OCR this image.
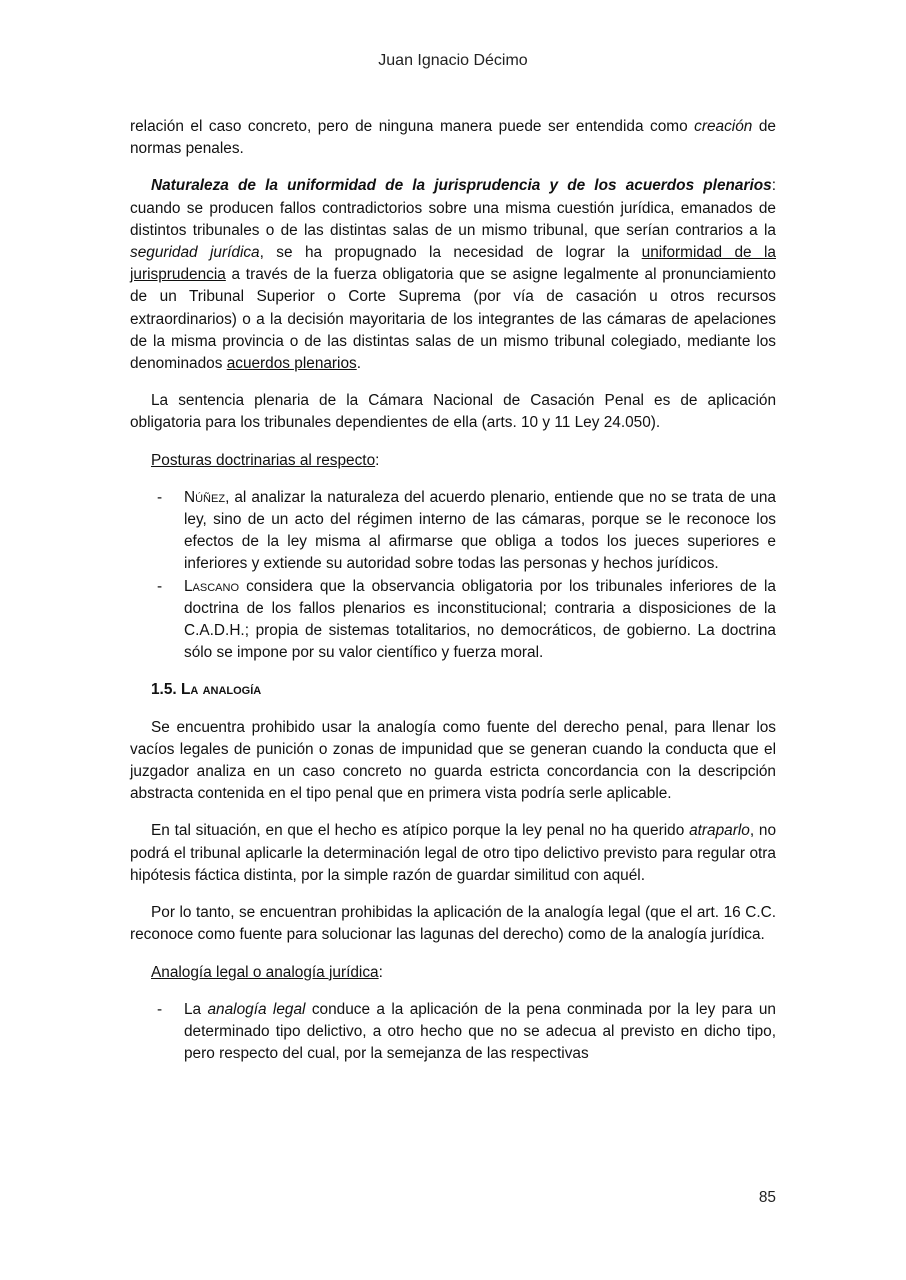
Juan Ignacio Décimo

relación el caso concreto, pero de ninguna manera puede ser entendida como creación de normas penales.

Naturaleza de la uniformidad de la jurisprudencia y de los acuerdos plenarios: cuando se producen fallos contradictorios sobre una misma cuestión jurídica, emanados de distintos tribunales o de las distintas salas de un mismo tribunal, que serían contrarios a la seguridad jurídica, se ha propugnado la necesidad de lograr la uniformidad de la jurisprudencia a través de la fuerza obligatoria que se asigne legalmente al pronunciamiento de un Tribunal Superior o Corte Suprema (por vía de casación u otros recursos extraordinarios) o a la decisión mayoritaria de los integrantes de las cámaras de apelaciones de la misma provincia o de las distintas salas de un mismo tribunal colegiado, mediante los denominados acuerdos plenarios.

La sentencia plenaria de la Cámara Nacional de Casación Penal es de aplicación obligatoria para los tribunales dependientes de ella (arts. 10 y 11 Ley 24.050).

Posturas doctrinarias al respecto:

- Núñez, al analizar la naturaleza del acuerdo plenario, entiende que no se trata de una ley, sino de un acto del régimen interno de las cámaras, porque se le reconoce los efectos de la ley misma al afirmarse que obliga a todos los jueces superiores e inferiores y extiende su autoridad sobre todas las personas y hechos jurídicos.
- Lascano considera que la observancia obligatoria por los tribunales inferiores de la doctrina de los fallos plenarios es inconstitucional; contraria a disposiciones de la C.A.D.H.; propia de sistemas totalitarios, no democráticos, de gobierno. La doctrina sólo se impone por su valor científico y fuerza moral.
1.5. La analogía

Se encuentra prohibido usar la analogía como fuente del derecho penal, para llenar los vacíos legales de punición o zonas de impunidad que se generan cuando la conducta que el juzgador analiza en un caso concreto no guarda estricta concordancia con la descripción abstracta contenida en el tipo penal que en primera vista podría serle aplicable.

En tal situación, en que el hecho es atípico porque la ley penal no ha querido atraparlo, no podrá el tribunal aplicarle la determinación legal de otro tipo delictivo previsto para regular otra hipótesis fáctica distinta, por la simple razón de guardar similitud con aquél.

Por lo tanto, se encuentran prohibidas la aplicación de la analogía legal (que el art. 16 C.C. reconoce como fuente para solucionar las lagunas del derecho) como de la analogía jurídica.

Analogía legal o analogía jurídica:

- La analogía legal conduce a la aplicación de la pena conminada por la ley para un determinado tipo delictivo, a otro hecho que no se adecua al previsto en dicho tipo, pero respecto del cual, por la semejanza de las respectivas
85
